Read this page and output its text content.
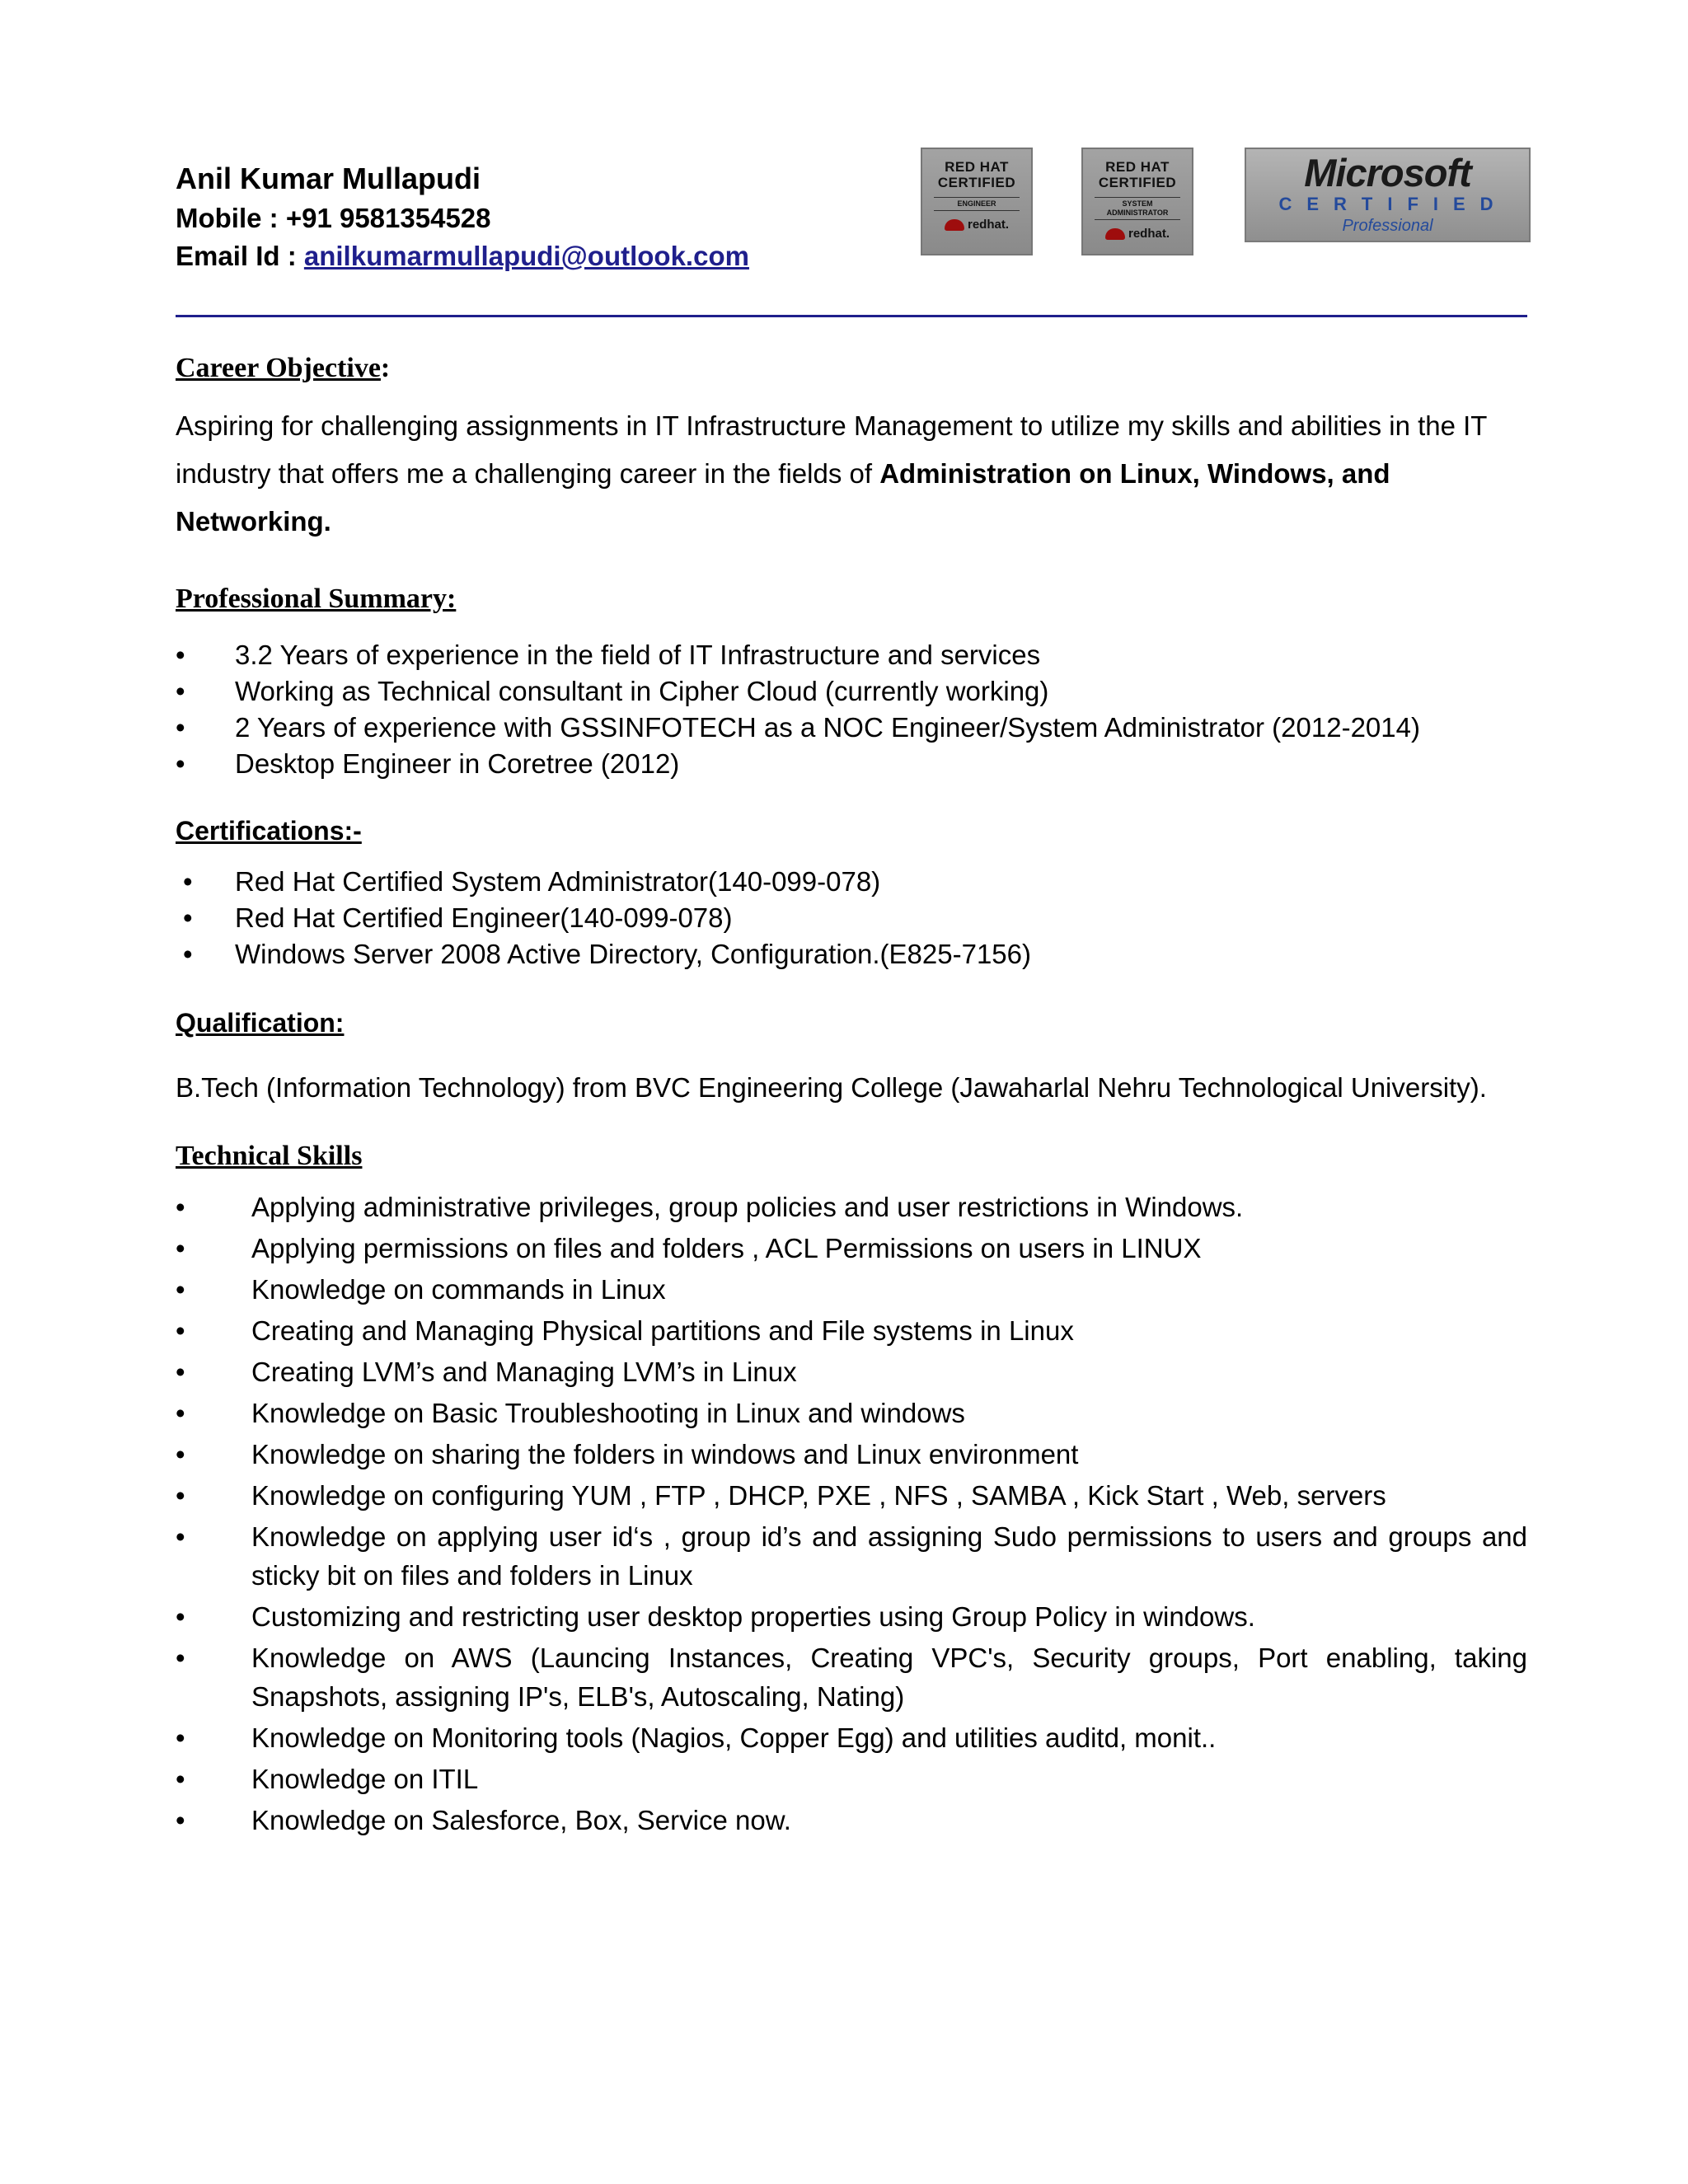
Anil Kumar Mullapudi
Mobile : +91 9581354528
Email Id : anilkumarmullapudi@outlook.com
RED HAT
CERTIFIED
ENGINEER
redhat.
RED HAT
CERTIFIED
SYSTEM ADMINISTRATOR
redhat.
Microsoft
CERTIFIED
Professional
Career Objective:
Aspiring for challenging assignments in IT Infrastructure Management to utilize my skills and abilities in the IT industry that offers me a challenging career in the fields of Administration on Linux, Windows, and Networking.
Professional Summary:
•	3.2 Years of experience in the field of IT Infrastructure and services
•	Working as Technical consultant in Cipher Cloud (currently working)
•	2 Years of experience with GSSINFOTECH as a NOC Engineer/System Administrator (2012-2014)
•	Desktop Engineer in Coretree (2012)
Certifications:-
•	Red Hat Certified System Administrator(140-099-078)
•	Red Hat Certified Engineer(140-099-078)
•	Windows Server 2008 Active Directory, Configuration.(E825-7156)
Qualification:
B.Tech (Information Technology) from BVC Engineering College (Jawaharlal Nehru Technological University).
Technical Skills
•	Applying administrative privileges, group policies and user restrictions in Windows.
•	Applying permissions on files and folders , ACL Permissions on users in LINUX
•	Knowledge on commands in Linux
•	Creating and Managing Physical partitions and File systems in Linux
•	Creating LVM’s and Managing LVM’s in Linux
•	Knowledge on Basic Troubleshooting in Linux and windows
•	Knowledge on sharing the folders in windows and Linux environment
•	Knowledge on configuring YUM , FTP , DHCP, PXE , NFS , SAMBA , Kick Start , Web, servers
•	Knowledge on applying user id‘s , group id’s and assigning Sudo permissions to users and groups and sticky bit on files and folders in Linux
•	Customizing and restricting user desktop properties using Group Policy in windows.
•	Knowledge on AWS (Launcing Instances, Creating VPC's, Security groups, Port enabling, taking Snapshots, assigning IP's, ELB's, Autoscaling, Nating)
•	Knowledge on Monitoring tools (Nagios, Copper Egg) and utilities auditd, monit..
•	Knowledge on ITIL
•	Knowledge on Salesforce, Box, Service now.
